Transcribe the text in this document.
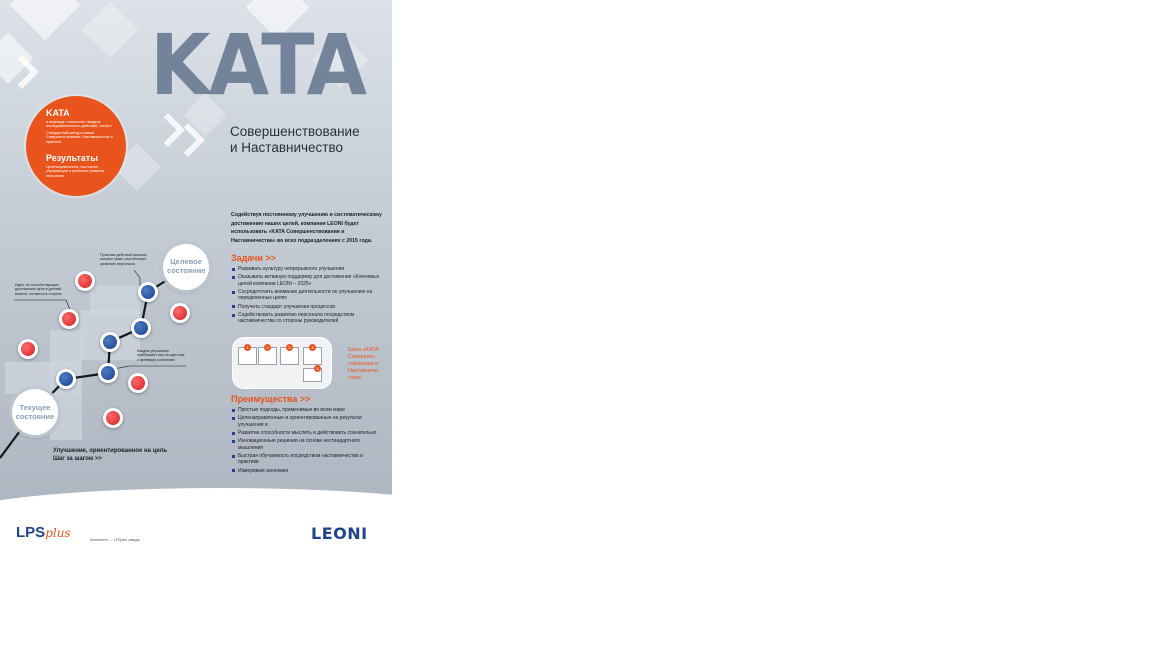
Целевое состояние
Текущее состояние
Практика действий малыми шагами также способствует развитию персонала
Идеи, не способствующие достижению цели в данный момент, остаются в стороне
Каждое улучшение приближает нас на один шаг к целевому состоянию
Улучшение, ориентированное на цель
Шаг за шагом >>
KATA
Совершенствование
и Наставничество
KATA
в переводе с японского «модель, последовательность действий, «ката»»
Стандартный метод и навык: Совершенствование, Наставничество и практика
Результаты
Целенаправленное, постоянно улучшающее и успешное развитие персонала
Содействуя постоянному улучшению и систематическому достижению наших целей, компания LEONI будет использовать «KATA Совершенствования и Наставничества» во всех подразделениях с 2015 года.
Задачи >>
Развивать культуру непрерывного улучшения
Оказывать активную поддержку для достижения «Ключевых целей компании LEONI – 2025»
Сосредоточить внимание деятельности по улучшению на определенных целях
Получить стандарт улучшения процессов
Содействовать развитию персонала посредством наставничества со стороны руководителей
1	2	3	4
5
Шаги «KATA Совершенствования и Наставничества»
Преимущества >>
Простые подходы, применимые во всем мире
Целенаправленные и ориентированные на результат улучшения и
Развитие способности мыслить и действовать сознательно
Инновационные решения на основе нестандартного мышления
Быстрая обучаемость посредством наставничества и практики
Измеримая экономия
LPSplus	Компонент → LPSplus завода	LEONI
